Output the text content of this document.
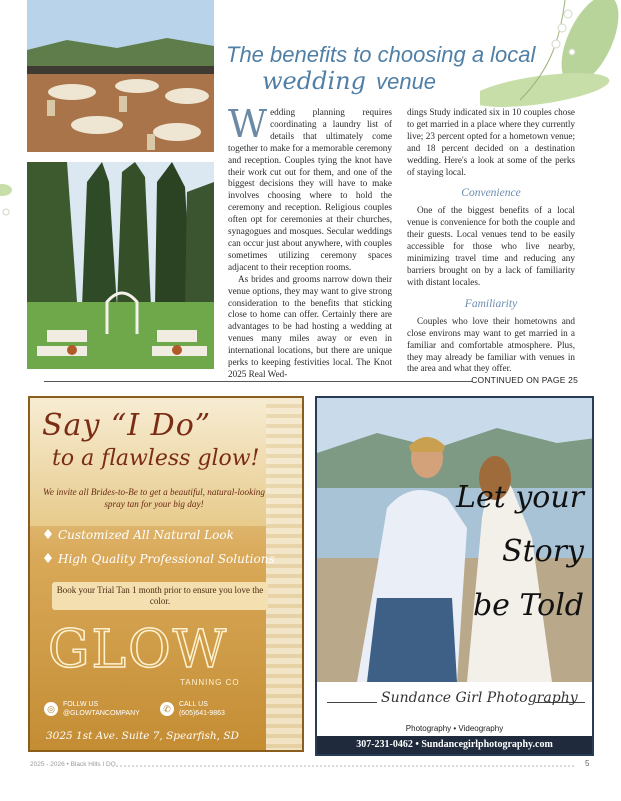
The benefits to choosing a local
wedding venue

Wedding planning requires coordinating a laundry list of details that ultimately come together to make for a memorable ceremony and reception. Couples tying the knot have their work cut out for them, and one of the biggest decisions they will have to make involves choosing where to hold the ceremony and reception. Religious couples often opt for ceremonies at their churches, synagogues and mosques. Secular weddings can occur just about anywhere, with couples sometimes utilizing ceremony spaces adjacent to their reception rooms.

As brides and grooms narrow down their venue options, they may want to give strong consideration to the benefits that sticking close to home can offer. Certainly there are advantages to be had hosting a wedding at venues many miles away or even in international locations, but there are unique perks to keeping festivities local. The Knot 2025 Real Wed-

dings Study indicated six in 10 couples chose to get married in a place where they currently live; 23 percent opted for a hometown venue; and 18 percent decided on a destination wedding. Here's a look at some of the perks of staying local.

Convenience

One of the biggest benefits of a local venue is convenience for both the couple and their guests. Local venues tend to be easily accessible for those who live nearby, minimizing travel time and reducing any barriers brought on by a lack of familiarity with distant locales.

Familiarity

Couples who love their hometowns and close environs may want to get married in a familiar and comfortable atmosphere. Plus, they may already be familiar with venues in the area and what they offer.

CONTINUED ON PAGE 25
Say “I Do”
to a flawless glow!
We invite all Brides-to-Be to get a beautiful, natural-looking spray tan for your big day!
Customized All Natural Look
High Quality Professional Solutions
Book your Trial Tan 1 month prior to ensure you love the color.
GLOW
TANNING CO
◎ FOLLW US
@GLOWTANCOMPANY	✆ CALL US
(605)641-9863
3025 1st Ave. Suite 7, Spearfish, SD
Let your
Story
be Told
Sundance Girl Photography
Photography • Videography
307-231-0462 • Sundancegirlphotography.com
2025 - 2026 • Black Hills I DO	5
